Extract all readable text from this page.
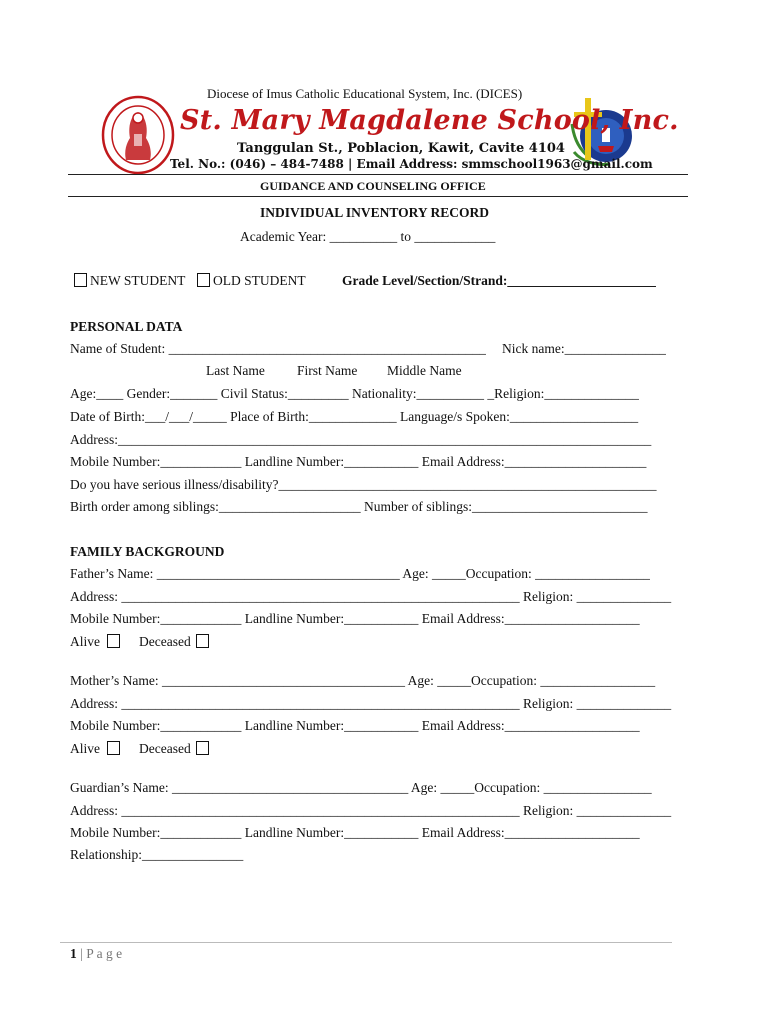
Diocese of Imus Catholic Educational System, Inc. (DICES)
St. Mary Magdalene School, Inc.
Tanggulan St., Poblacion, Kawit, Cavite 4104
Tel. No.: (046) – 484-7488 | Email Address: smmschool1963@gmail.com
GUIDANCE AND COUNSELING OFFICE
INDIVIDUAL INVENTORY RECORD
Academic Year: __________ to ____________
NEW STUDENT	OLD STUDENT	Grade Level/Section/Strand:______________________
PERSONAL DATA
Name of Student: _______________________________________________ Nick name:_______________
Last Name First Name Middle Name
Age:____ Gender:_______ Civil Status:_________ Nationality:__________ _Religion:______________
Date of Birth:___/___/_____ Place of Birth:_____________ Language/s Spoken:___________________
Address:_______________________________________________________________________________
Mobile Number:____________ Landline Number:___________ Email Address:_____________________
Do you have serious illness/disability?________________________________________________________
Birth order among siblings:_____________________ Number of siblings:__________________________
FAMILY BACKGROUND
Father’s Name: ____________________________________ Age: _____Occupation: _________________
Address: ___________________________________________________________ Religion: ______________
Mobile Number:____________ Landline Number:___________ Email Address:____________________
Alive	Deceased
Mother’s Name: ____________________________________ Age: _____Occupation: _________________
Address: ___________________________________________________________ Religion: ______________
Mobile Number:____________ Landline Number:___________ Email Address:____________________
Alive	Deceased
Guardian’s Name: ___________________________________ Age: _____Occupation: ________________
Address: ___________________________________________________________ Religion: ______________
Mobile Number:____________ Landline Number:___________ Email Address:____________________
Relationship:_______________
1 | P a g e
